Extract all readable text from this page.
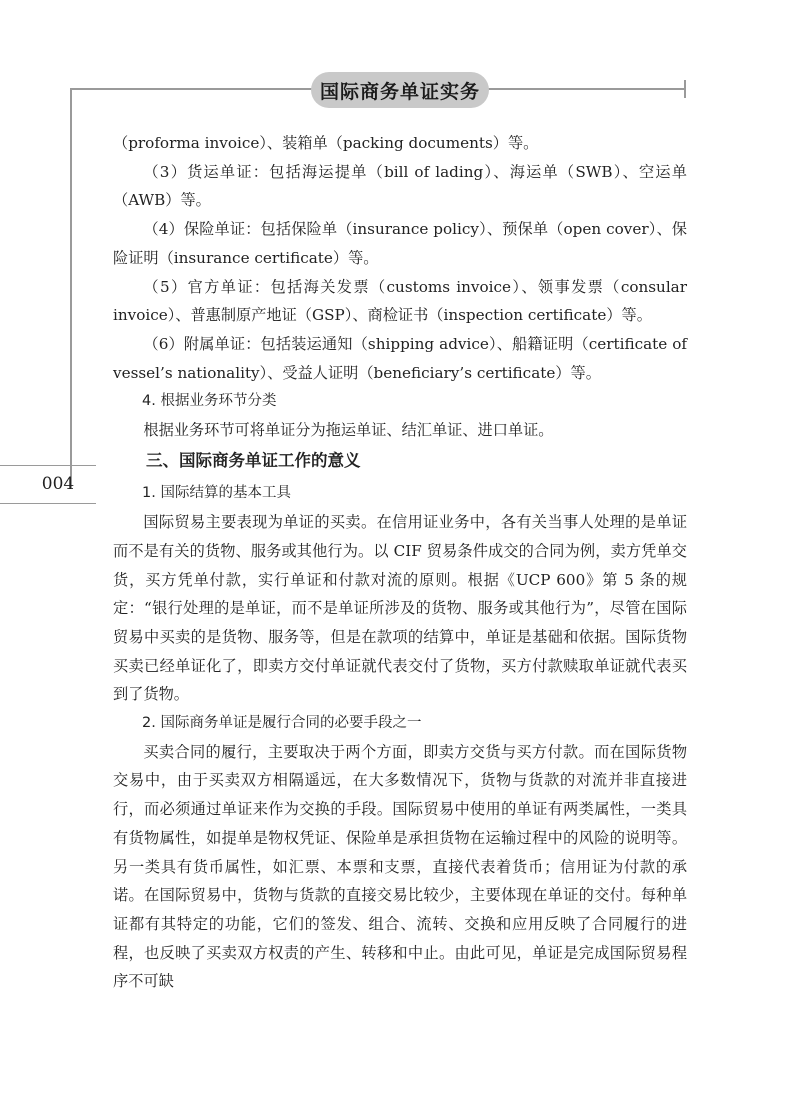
国际商务单证实务
004

（proforma invoice）、装箱单（packing documents）等。

（3）货运单证：包括海运提单（bill of lading）、海运单（SWB）、空运单（AWB）等。

（4）保险单证：包括保险单（insurance policy）、预保单（open cover）、保险证明（insurance certificate）等。

（5）官方单证：包括海关发票（customs invoice）、领事发票（consular invoice）、普惠制原产地证（GSP）、商检证书（inspection certificate）等。

（6）附属单证：包括装运通知（shipping advice）、船籍证明（certificate of vessel’s nationality）、受益人证明（beneficiary’s certificate）等。

4. 根据业务环节分类

根据业务环节可将单证分为拖运单证、结汇单证、进口单证。

三、国际商务单证工作的意义

1. 国际结算的基本工具

国际贸易主要表现为单证的买卖。在信用证业务中，各有关当事人处理的是单证而不是有关的货物、服务或其他行为。以 CIF 贸易条件成交的合同为例，卖方凭单交货，买方凭单付款，实行单证和付款对流的原则。根据《UCP 600》第 5 条的规定：“银行处理的是单证，而不是单证所涉及的货物、服务或其他行为”，尽管在国际贸易中买卖的是货物、服务等，但是在款项的结算中，单证是基础和依据。国际货物买卖已经单证化了，即卖方交付单证就代表交付了货物，买方付款赎取单证就代表买到了货物。

2. 国际商务单证是履行合同的必要手段之一

买卖合同的履行，主要取决于两个方面，即卖方交货与买方付款。而在国际货物交易中，由于买卖双方相隔遥远，在大多数情况下，货物与货款的对流并非直接进行，而必须通过单证来作为交换的手段。国际贸易中使用的单证有两类属性，一类具有货物属性，如提单是物权凭证、保险单是承担货物在运输过程中的风险的说明等。另一类具有货币属性，如汇票、本票和支票，直接代表着货币；信用证为付款的承诺。在国际贸易中，货物与货款的直接交易比较少，主要体现在单证的交付。每种单证都有其特定的功能，它们的签发、组合、流转、交换和应用反映了合同履行的进程，也反映了买卖双方权责的产生、转移和中止。由此可见，单证是完成国际贸易程序不可缺
